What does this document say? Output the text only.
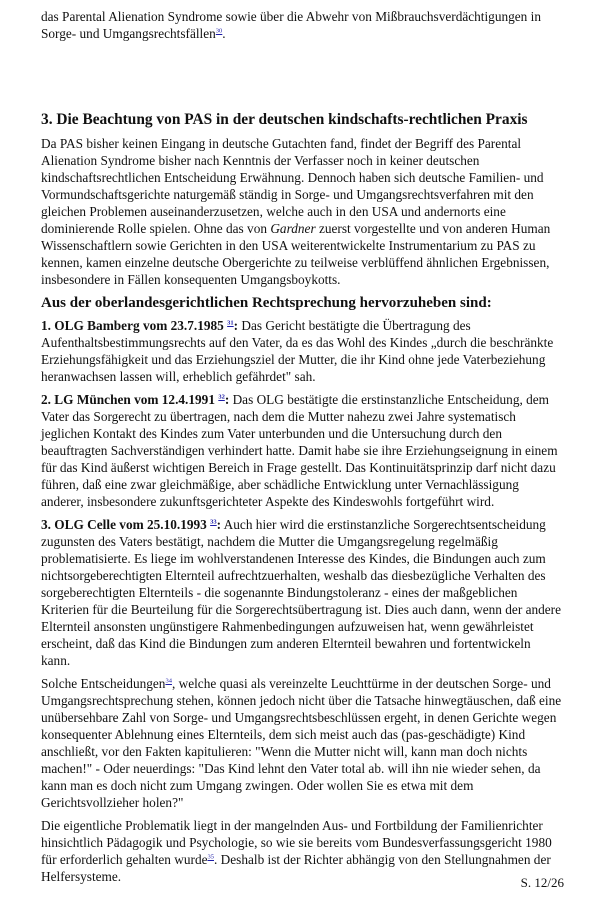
das Parental Alienation Syndrome sowie über die Abwehr von Mißbrauchsverdächtigungen in Sorge- und Umgangsrechtsfällen$^{30}$.

3. Die Beachtung von PAS in der deutschen kindschafts-rechtlichen Praxis

Da PAS bisher keinen Eingang in deutsche Gutachten fand, findet der Begriff des Parental Alienation Syndrome bisher nach Kenntnis der Verfasser noch in keiner deutschen kindschaftsrechtlichen Entscheidung Erwähnung. Dennoch haben sich deutsche Familien- und Vormundschaftsgerichte naturgemäß ständig in Sorge- und Umgangsrechtsverfahren mit den gleichen Problemen auseinanderzusetzen, welche auch in den USA und andernorts eine dominierende Rolle spielen. Ohne das von Gardner zuerst vorgestellte und von anderen Human Wissenschaftlern sowie Gerichten in den USA weiterentwickelte Instrumentarium zu PAS zu kennen, kamen einzelne deutsche Obergerichte zu teilweise verblüffend ähnlichen Ergebnissen, insbesondere in Fällen konsequenten Umgangsboykotts.

Aus der oberlandesgerichtlichen Rechtsprechung hervorzuheben sind:

1. OLG Bamberg vom 23.7.1985 $^{31}$: Das Gericht bestätigte die Übertragung des Aufenthaltsbestimmungsrechts auf den Vater, da es das Wohl des Kindes „durch die beschränkte Erziehungsfähigkeit und das Erziehungsziel der Mutter, die ihr Kind ohne jede Vaterbeziehung heranwachsen lassen will, erheblich gefährdet" sah.

2. LG München vom 12.4.1991 $^{32}$: Das OLG bestätigte die erstinstanzliche Entscheidung, dem Vater das Sorgerecht zu übertragen, nach dem die Mutter nahezu zwei Jahre systematisch jeglichen Kontakt des Kindes zum Vater unterbunden und die Untersuchung durch den beauftragten Sachverständigen verhindert hatte. Damit habe sie ihre Erziehungseignung in einem für das Kind äußerst wichtigen Bereich in Frage gestellt. Das Kontinuitätsprinzip darf nicht dazu führen, daß eine zwar gleichmäßige, aber schädliche Entwicklung unter Vernachlässigung anderer, insbesondere zukunftsgerichteter Aspekte des Kindeswohls fortgeführt wird.

3. OLG Celle vom 25.10.1993 $^{33}$: Auch hier wird die erstinstanzliche Sorgerechtsentscheidung zugunsten des Vaters bestätigt, nachdem die Mutter die Umgangsregelung regelmäßig problematisierte. Es liege im wohlverstandenen Interesse des Kindes, die Bindungen auch zum nichtsorgeberechtigten Elternteil aufrechtzuerhalten, weshalb das diesbezügliche Verhalten des sorgeberechtigten Elternteils - die sogenannte Bindungstoleranz - eines der maßgeblichen Kriterien für die Beurteilung für die Sorgerechtsübertragung ist. Dies auch dann, wenn der andere Elternteil ansonsten ungünstigere Rahmenbedingungen aufzuweisen hat, wenn gewährleistet erscheint, daß das Kind die Bindungen zum anderen Elternteil bewahren und fortentwickeln kann.

Solche Entscheidungen$^{34}$, welche quasi als vereinzelte Leuchttürme in der deutschen Sorge- und Umgangsrechtsprechung stehen, können jedoch nicht über die Tatsache hinwegtäuschen, daß eine unübersehbare Zahl von Sorge- und Umgangsrechtsbeschlüssen ergeht, in denen Gerichte wegen konsequenter Ablehnung eines Elternteils, dem sich meist auch das (pas-geschädigte) Kind anschließt, vor den Fakten kapitulieren: "Wenn die Mutter nicht will, kann man doch nichts machen!" - Oder neuerdings: "Das Kind lehnt den Vater total ab. will ihn nie wieder sehen, da kann man es doch nicht zum Umgang zwingen. Oder wollen Sie es etwa mit dem Gerichtsvollzieher holen?"

Die eigentliche Problematik liegt in der mangelnden Aus- und Fortbildung der Familienrichter hinsichtlich Pädagogik und Psychologie, so wie sie bereits vom Bundesverfassungsgericht 1980 für erforderlich gehalten wurde$^{35}$. Deshalb ist der Richter abhängig von den Stellungnahmen der Helfersysteme.	S. 12/26
